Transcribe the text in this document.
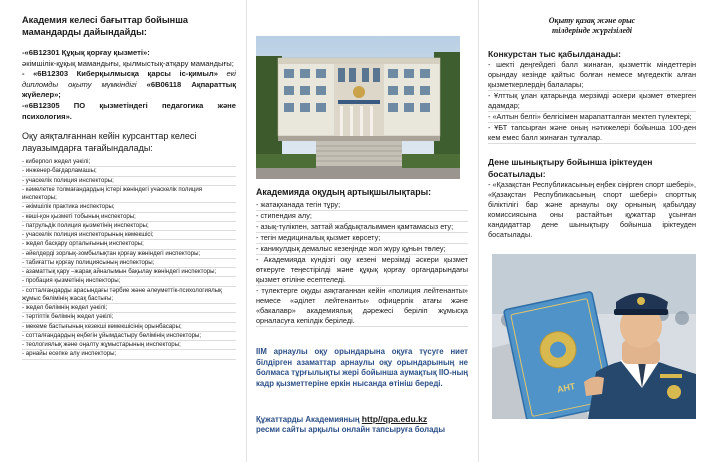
Академия келесі бағыттар бойынша мамандарды дайындайды:

-«6B12301 Құқық қорғау қызметі»:
әкімшілік-құқық мамандығы, қылмыстық-атқару мамандығы;

- «6B12303 Киберқылмысқа қарсы іс-қимыл» екі дипломды оқыту мүмкіндігі «6B06118 Ақпараттық жүйелер»;

-«6B12305 ПО қызметіндегі педагогика және психология».

Оқу аяқталғаннан кейін курсанттар келесі лауазымдарға тағайындалады:

- киберпол жедел уәкілі;
- инженер-бағдарламашы;
- учаскелік полиция инспекторы;
- кәмелетке толмағандардың істері жөніндегі учаскелік полиция инспекторы;
- әкімшілік практика инспекторы;
- көші-қон қызметі тобының инспекторы;
- патрульдік полиция қызметінің инспекторы;
- учаскелік полиция инспекторының көмекшісі;
- жедел басқару орталығының инспекторы;
- әйелдерді зорлық-зомбылықтан қорғау жөніндегі инспекторы;
- табиғатты қорғау полициясының инспекторы;
- азаматтық қару –жарақ айналымын бақылау жөніндегі инспекторы;
- пробация қызметінің инспекторы;
- сотталғандарды арасындағы тәрбие және әлеуметтік-психологиялық жұмыс бөлімінің жасақ бастығы;
- жедел бөлімнің жедел уәкілі;
- тәртіптік бөлімнің жедел уәкілі;
- мекеме бастығының кезекші көмекшісінің орынбасары;
- сотталғандардың еңбегін ұйымдастыру бөлімінің инспекторы;
- теологиялық және оңалту жұмыстарының инспекторы;
- арнайы есепке алу инспекторы;

Академияда оқудың артықшылықтары:

- жатақханада тегін тұру;
- стипендия алу;
- азық-түлікпен, заттай жабдықталыммен қамтамасыз ету;
- тегін медициналық қызмет көрсету;
- каникулдық демалыс кезеңінде жол жүру құнын төлеу;
- Академияда күндізгі оқу кезені мерзімді әскери қызмет өткеруге теңестірілді және құқық қорғау органдарындағы қызмет өтіліне есептеледі.
- түлектерге оқуды аяқтағаннан кейін «полиция лейтенанты» немесе «әділет лейтенанты» офицерлік атағы және «бакалавр» академиялық дәрежесі беріліп жұмысқа орналасуға кепілдік беріледі.

ІІМ арнаулы оқу орындарына оқуға түсуге ниет білдірген азаматтар арнаулы оқу орындарының не болмаса тұрғылықты жері бойынша аумақтық ІІО-ның кадр қызметтеріне еркін нысанда өтініш береді.

Құжаттарды Академияның http//qpa.edu.kz
ресми сайты арқылы онлайн тапсыруға болады

Оқыту қазақ және орыс
тілдерінде жүргізіледі

Конкурстан тыс қабылданады:

- шекті деңгейдегі балл жинаған, қызметтік міндеттерін орындау кезінде қайтыс болған немесе мүгедектік алған қызметкерлердің балалары;
- Ұлттық ұлан қатарында мерзімді әскери қызмет өткерген адамдар;
- «Алтын белгі» белгісімен марапатталған мектеп түлектері;
- ҰБТ тапсырған және оның нәтижелері бойынша 100-ден кем емес балл жинаған тұлғалар.

Дене шынықтыру бойынша іріктеуден босатылады:

- «Қазақстан Республикасының еңбек сіңірген спорт шебері», «Қазақстан Республикасының спорт шебері» спорттық біліктілігі бар және арнаулы оқу орнының қабылдау комиссиясына оны растайтын құжаттар ұсынған кандидаттар дене шынықтыру бойынша іріктеуден босатылады.

АНТ
